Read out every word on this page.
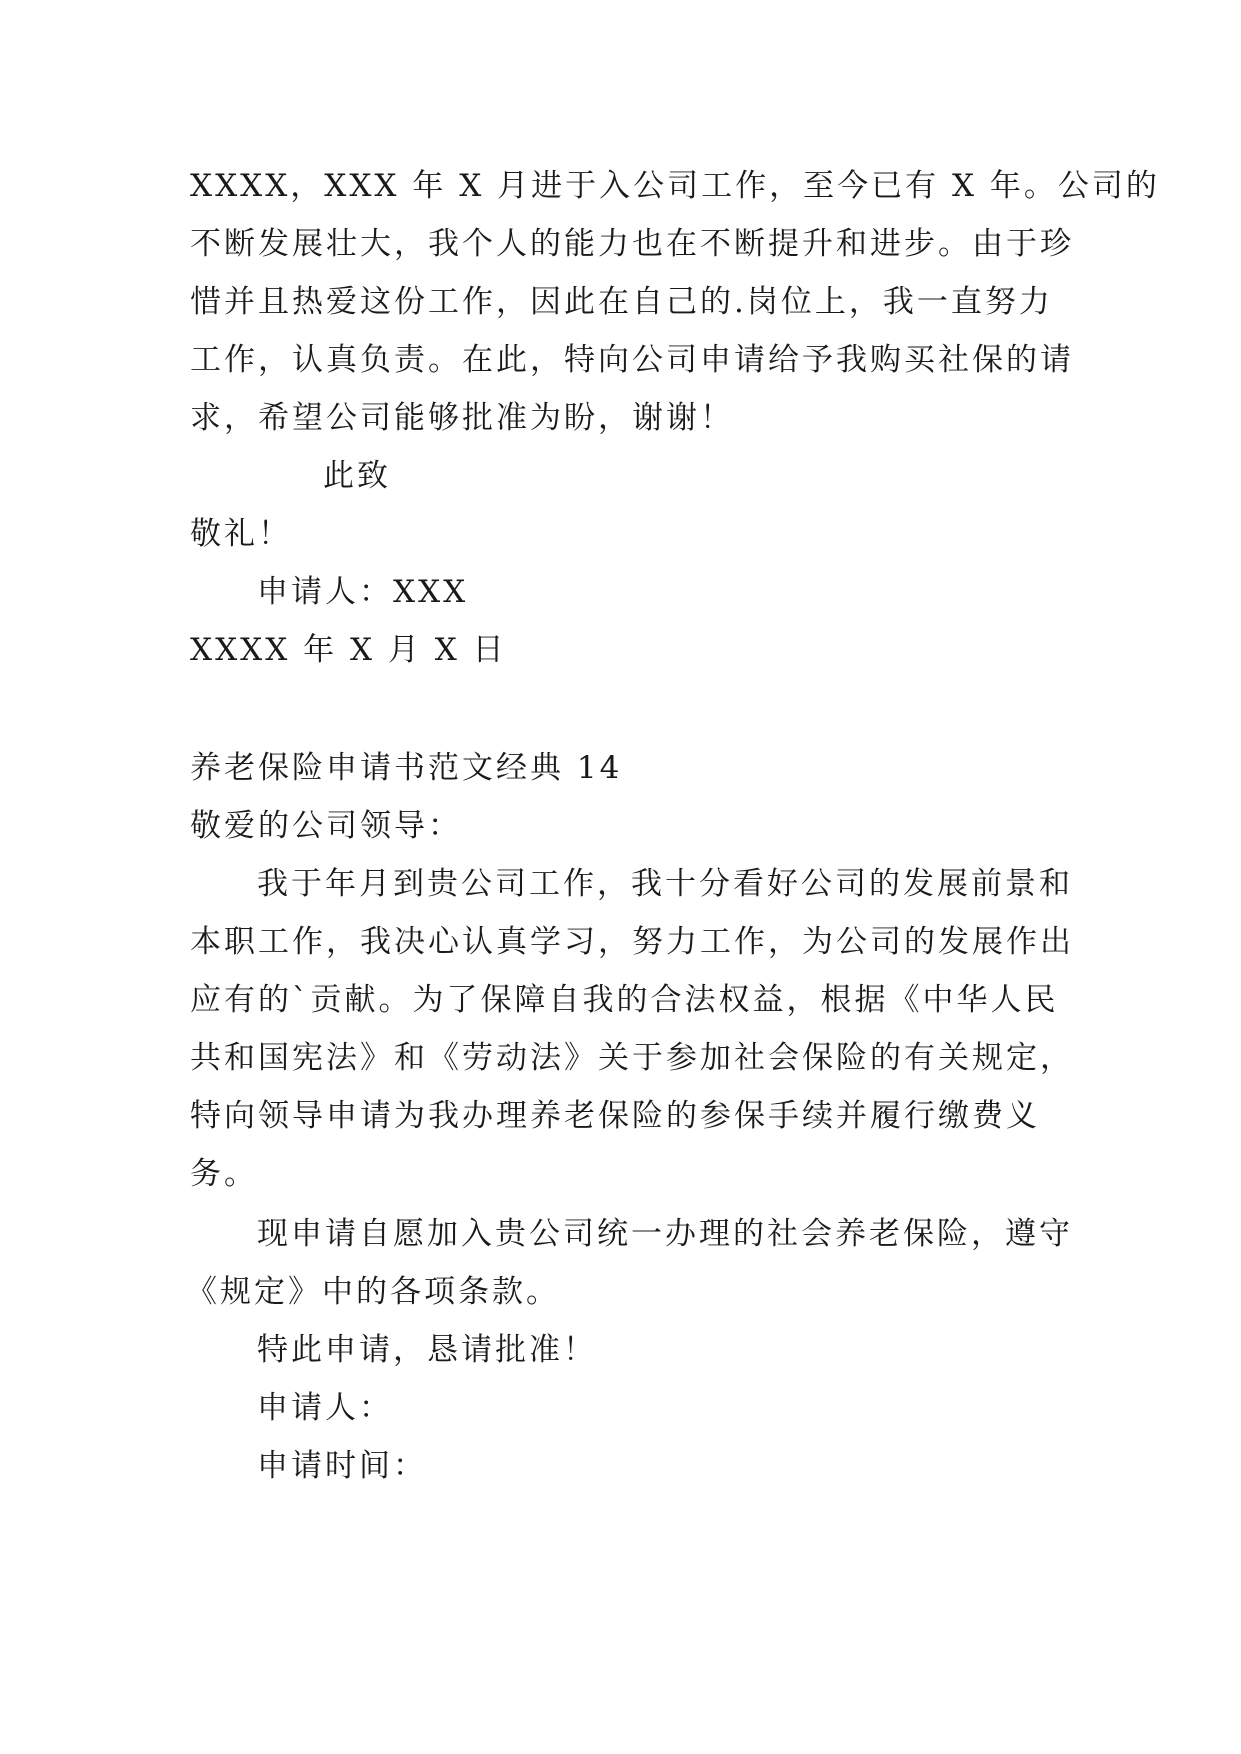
XXXX，XXX 年 X 月进于入公司工作，至今已有 X 年。公司的
不断发展壮大，我个人的能力也在不断提升和进步。由于珍
惜并且热爱这份工作，因此在自己的.岗位上，我一直努力
工作，认真负责。在此，特向公司申请给予我购买社保的请
求，希望公司能够批准为盼，谢谢！
此致
敬礼！
申请人：XXX
XXXX 年 X 月 X 日
养老保险申请书范文经典 14
敬爱的公司领导：
我于年月到贵公司工作，我十分看好公司的发展前景和
本职工作，我决心认真学习，努力工作，为公司的发展作出
应有的`贡献。为了保障自我的合法权益，根据《中华人民
共和国宪法》和《劳动法》关于参加社会保险的有关规定，
特向领导申请为我办理养老保险的参保手续并履行缴费义
务。
现申请自愿加入贵公司统一办理的社会养老保险，遵守
《规定》中的各项条款。
特此申请，恳请批准！
申请人：
申请时间：
